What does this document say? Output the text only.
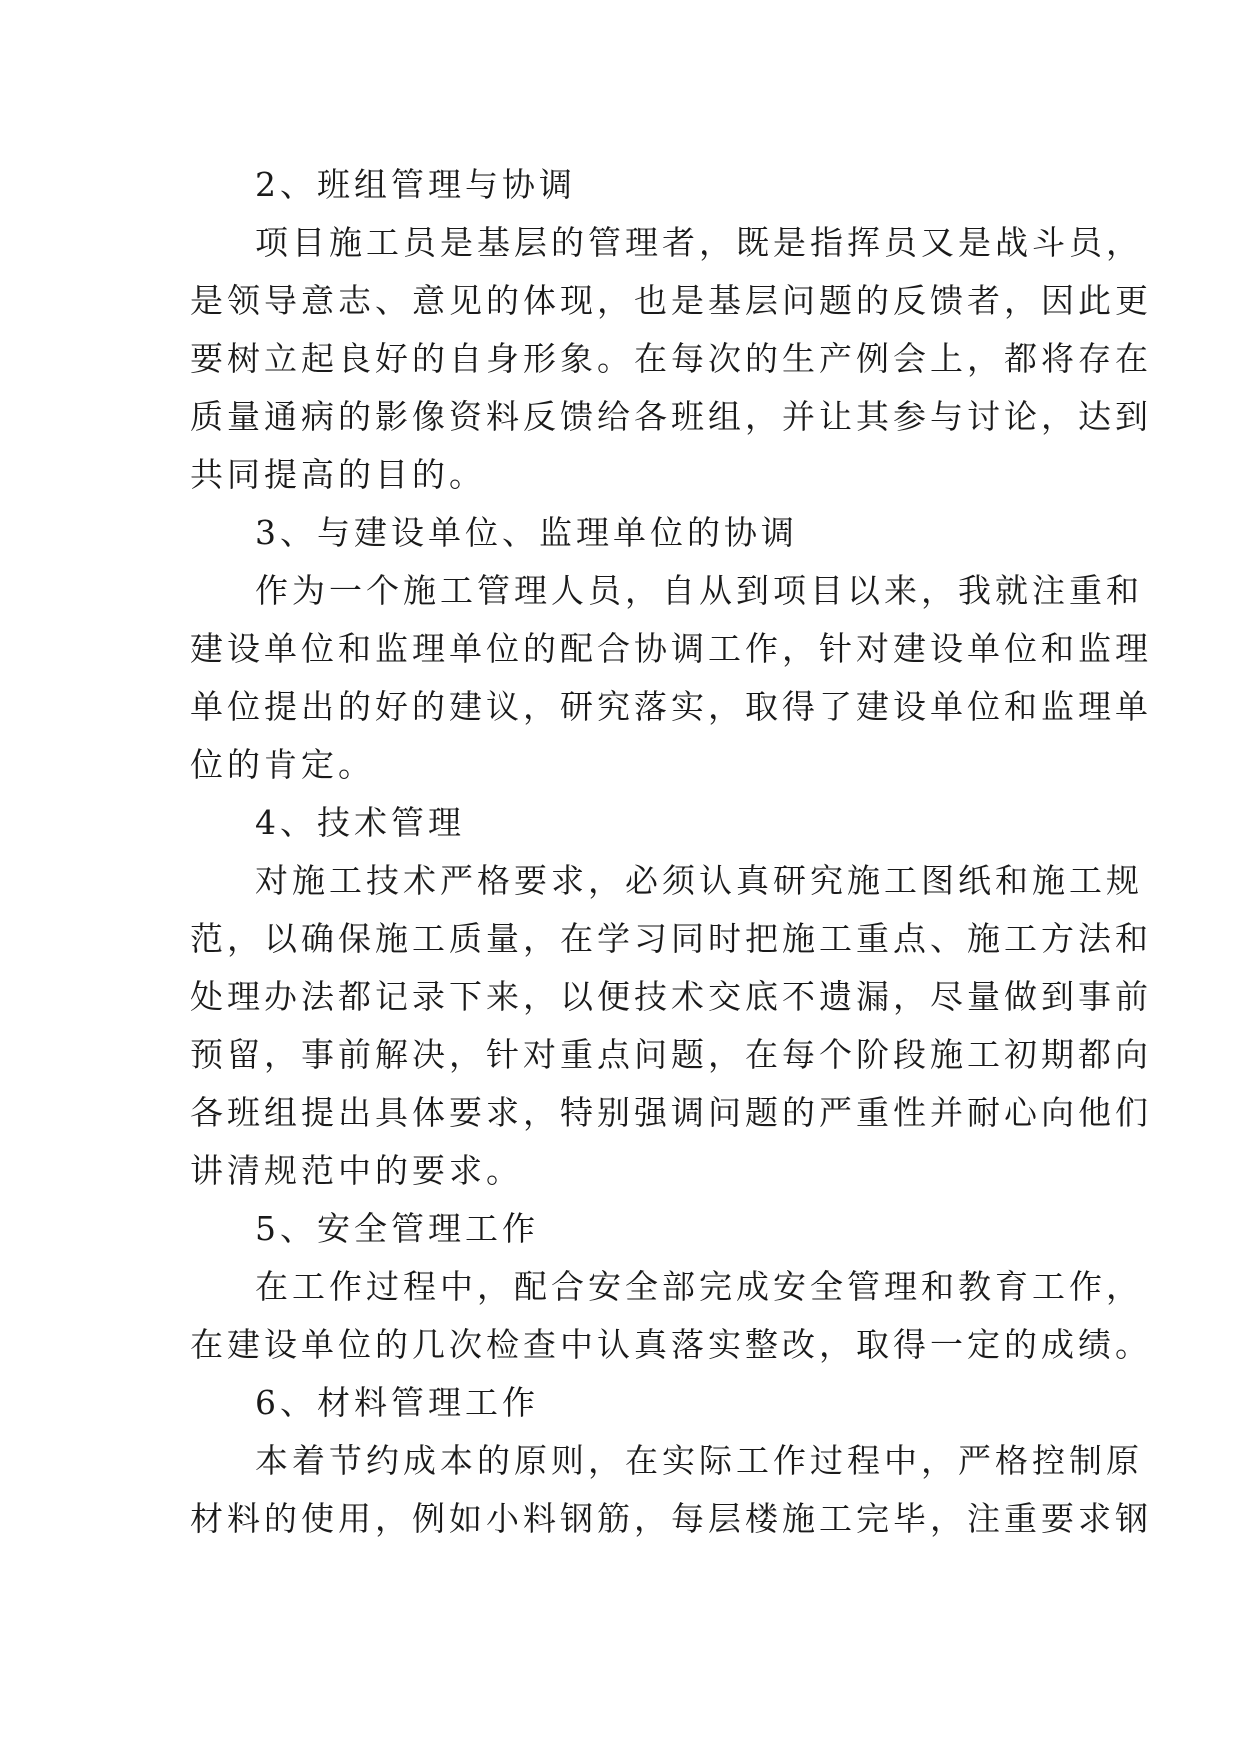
2、班组管理与协调
项目施工员是基层的管理者，既是指挥员又是战斗员，
是领导意志、意见的体现，也是基层问题的反馈者，因此更
要树立起良好的自身形象。在每次的生产例会上，都将存在
质量通病的影像资料反馈给各班组，并让其参与讨论，达到
共同提高的目的。
3、与建设单位、监理单位的协调
作为一个施工管理人员，自从到项目以来，我就注重和
建设单位和监理单位的配合协调工作，针对建设单位和监理
单位提出的好的建议，研究落实，取得了建设单位和监理单
位的肯定。
4、技术管理
对施工技术严格要求，必须认真研究施工图纸和施工规
范，以确保施工质量，在学习同时把施工重点、施工方法和
处理办法都记录下来，以便技术交底不遗漏，尽量做到事前
预留，事前解决，针对重点问题，在每个阶段施工初期都向
各班组提出具体要求，特别强调问题的严重性并耐心向他们
讲清规范中的要求。
5、安全管理工作
在工作过程中，配合安全部完成安全管理和教育工作，
在建设单位的几次检查中认真落实整改，取得一定的成绩。
6、材料管理工作
本着节约成本的原则，在实际工作过程中，严格控制原
材料的使用，例如小料钢筋，每层楼施工完毕，注重要求钢
